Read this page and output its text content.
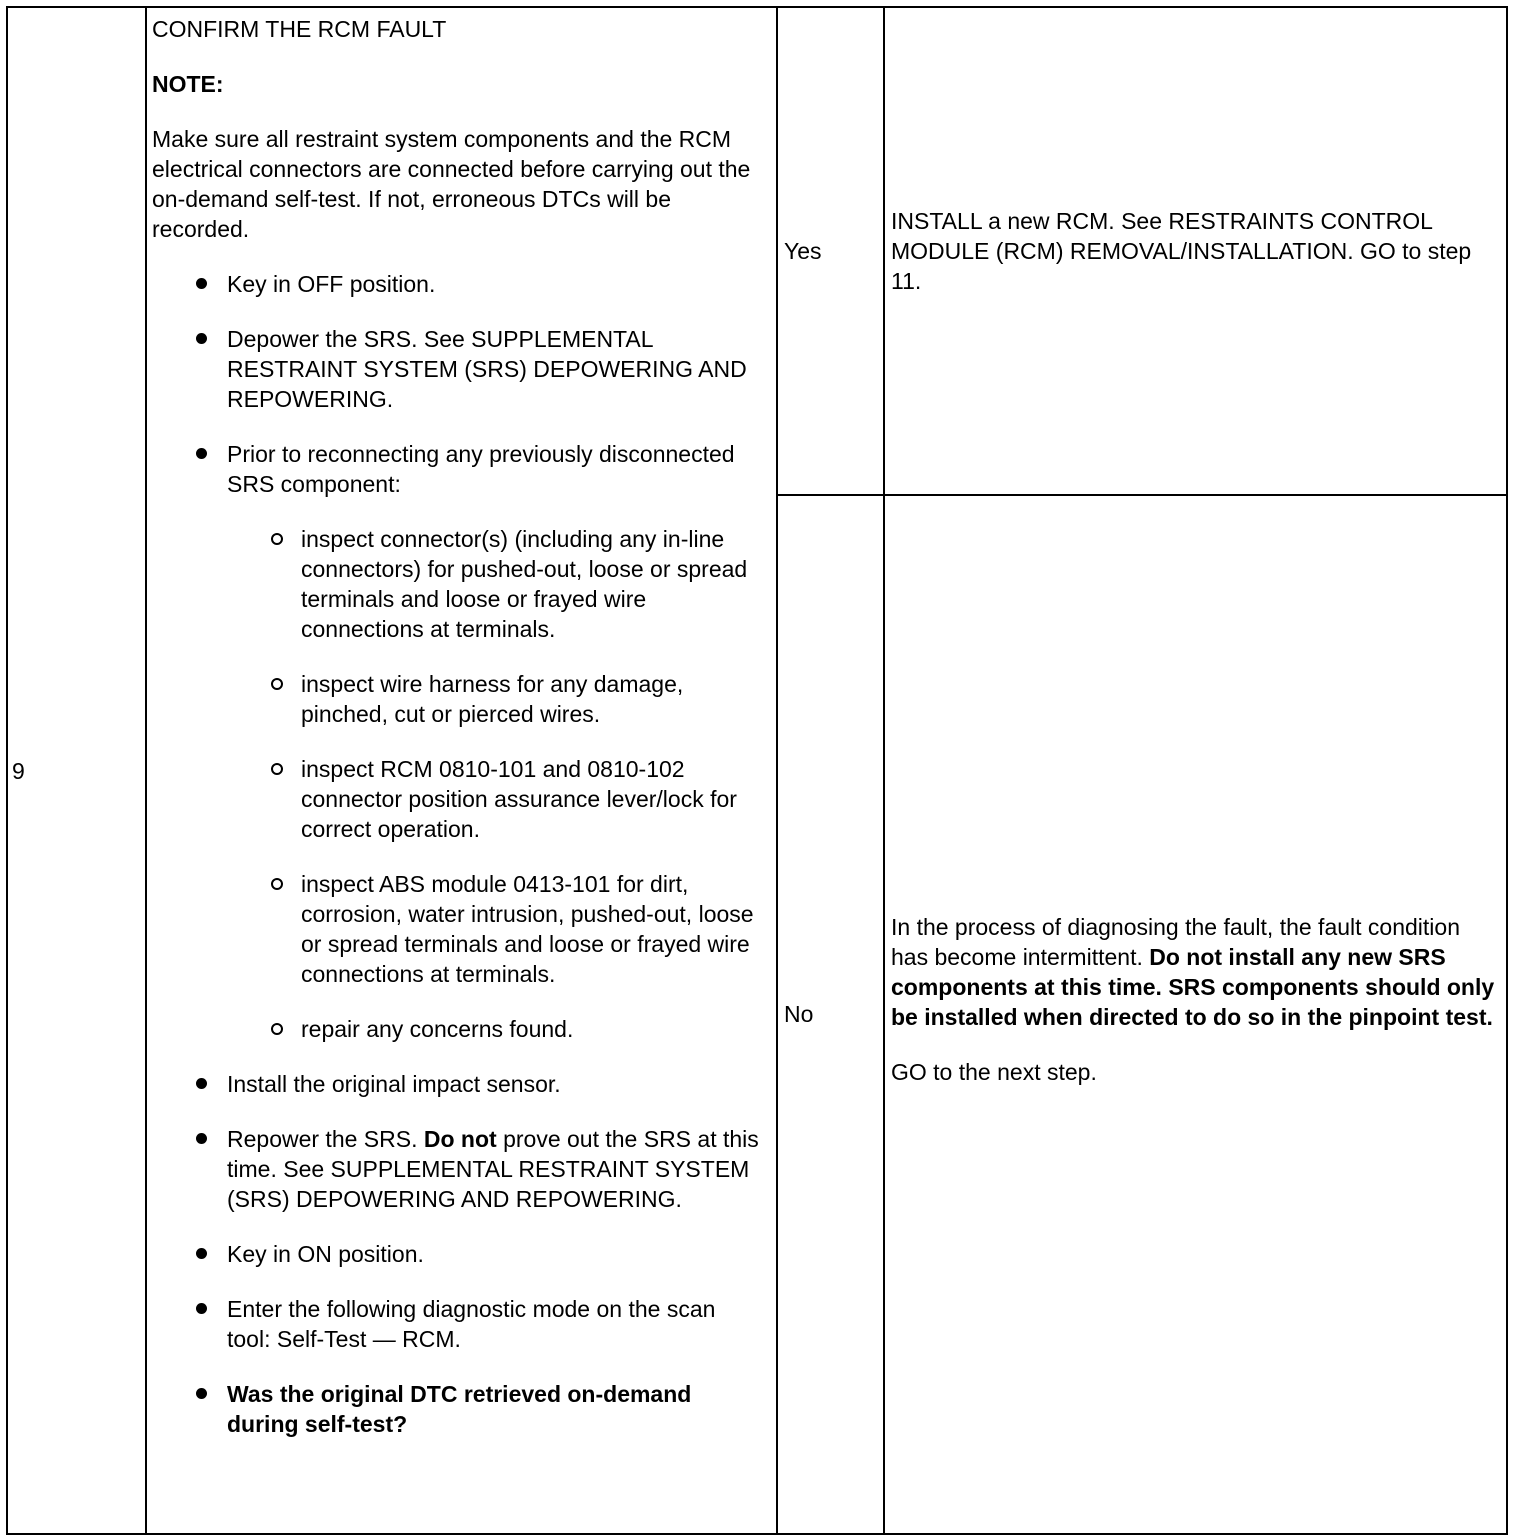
9

CONFIRM THE RCM FAULT

NOTE:

Make sure all restraint system components and the RCM electrical connectors are connected before carrying out the on-demand self-test. If not, erroneous DTCs will be recorded.

Key in OFF position.
Depower the SRS. See SUPPLEMENTAL RESTRAINT SYSTEM (SRS) DEPOWERING AND REPOWERING.
Prior to reconnecting any previously disconnected SRS component:
inspect connector(s) (including any in-line connectors) for pushed-out, loose or spread terminals and loose or frayed wire connections at terminals.
inspect wire harness for any damage, pinched, cut or pierced wires.
inspect RCM 0810-101 and 0810-102 connector position assurance lever/lock for correct operation.
inspect ABS module 0413-101 for dirt, corrosion, water intrusion, pushed-out, loose or spread terminals and loose or frayed wire connections at terminals.
repair any concerns found.
Install the original impact sensor.
Repower the SRS. Do not prove out the SRS at this time. See SUPPLEMENTAL RESTRAINT SYSTEM (SRS) DEPOWERING AND REPOWERING.
Key in ON position.
Enter the following diagnostic mode on the scan tool: Self-Test — RCM.
Was the original DTC retrieved on-demand during self-test?
Yes
INSTALL a new RCM. See RESTRAINTS CONTROL MODULE (RCM) REMOVAL/INSTALLATION. GO to step 11.
No

In the process of diagnosing the fault, the fault condition has become intermittent. Do not install any new SRS components at this time. SRS components should only be installed when directed to do so in the pinpoint test.

GO to the next step.
